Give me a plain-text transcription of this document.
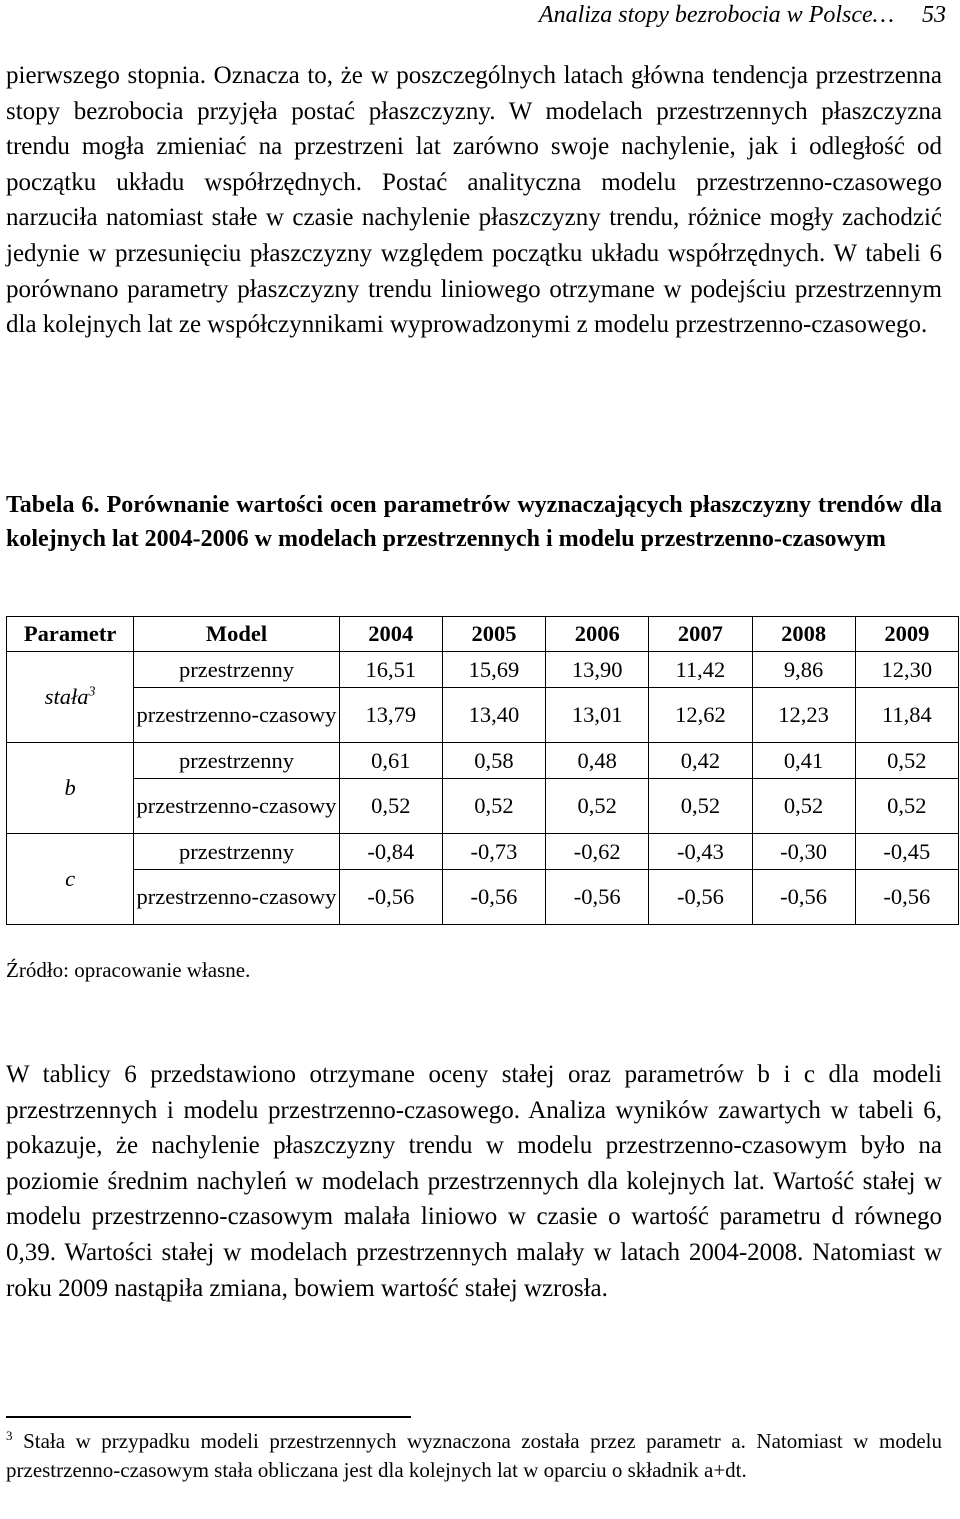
Analiza stopy bezrobocia w Polsce… 53

pierwszego stopnia. Oznacza to, że w poszczególnych latach główna tendencja przestrzenna stopy bezrobocia przyjęła postać płaszczyzny. W modelach przestrzennych płaszczyzna trendu mogła zmieniać na przestrzeni lat zarówno swoje nachylenie, jak i odległość od początku układu współrzędnych. Postać analityczna modelu przestrzenno-czasowego narzuciła natomiast stałe w czasie nachylenie płaszczyzny trendu, różnice mogły zachodzić jedynie w przesunięciu płaszczyzny względem początku układu współrzędnych. W tabeli 6 porównano parametry płaszczyzny trendu liniowego otrzymane w podejściu przestrzennym dla kolejnych lat ze współczynnikami wyprowadzonymi z modelu przestrzenno-czasowego.

Tabela 6. Porównanie wartości ocen parametrów wyznaczających płaszczyzny trendów dla kolejnych lat 2004-2006 w modelach przestrzennych i modelu przestrzenno-czasowym

Parametr	Model	2004	2005	2006	2007	2008	2009
stała$^3$	przestrzenny	16,51	15,69	13,90	11,42	9,86	12,30
	przestrzenno-czasowy	13,79	13,40	13,01	12,62	12,23	11,84
b	przestrzenny	0,61	0,58	0,48	0,42	0,41	0,52
	przestrzenno-czasowy	0,52	0,52	0,52	0,52	0,52	0,52
c	przestrzenny	-0,84	-0,73	-0,62	-0,43	-0,30	-0,45
	przestrzenno-czasowy	-0,56	-0,56	-0,56	-0,56	-0,56	-0,56

Źródło: opracowanie własne.

W tablicy 6 przedstawiono otrzymane oceny stałej oraz parametrów b i c dla modeli przestrzennych i modelu przestrzenno-czasowego. Analiza wyników zawartych w tabeli 6, pokazuje, że nachylenie płaszczyzny trendu w modelu przestrzenno-czasowym było na poziomie średnim nachyleń w modelach przestrzennych dla kolejnych lat. Wartość stałej w modelu przestrzenno-czasowym malała liniowo w czasie o wartość parametru d równego 0,39. Wartości stałej w modelach przestrzennych malały w latach 2004-2008. Natomiast w roku 2009 nastąpiła zmiana, bowiem wartość stałej wzrosła.

$^3$ Stała w przypadku modeli przestrzennych wyznaczona została przez parametr a. Natomiast w modelu przestrzenno-czasowym stała obliczana jest dla kolejnych lat w oparciu o składnik a+dt.
